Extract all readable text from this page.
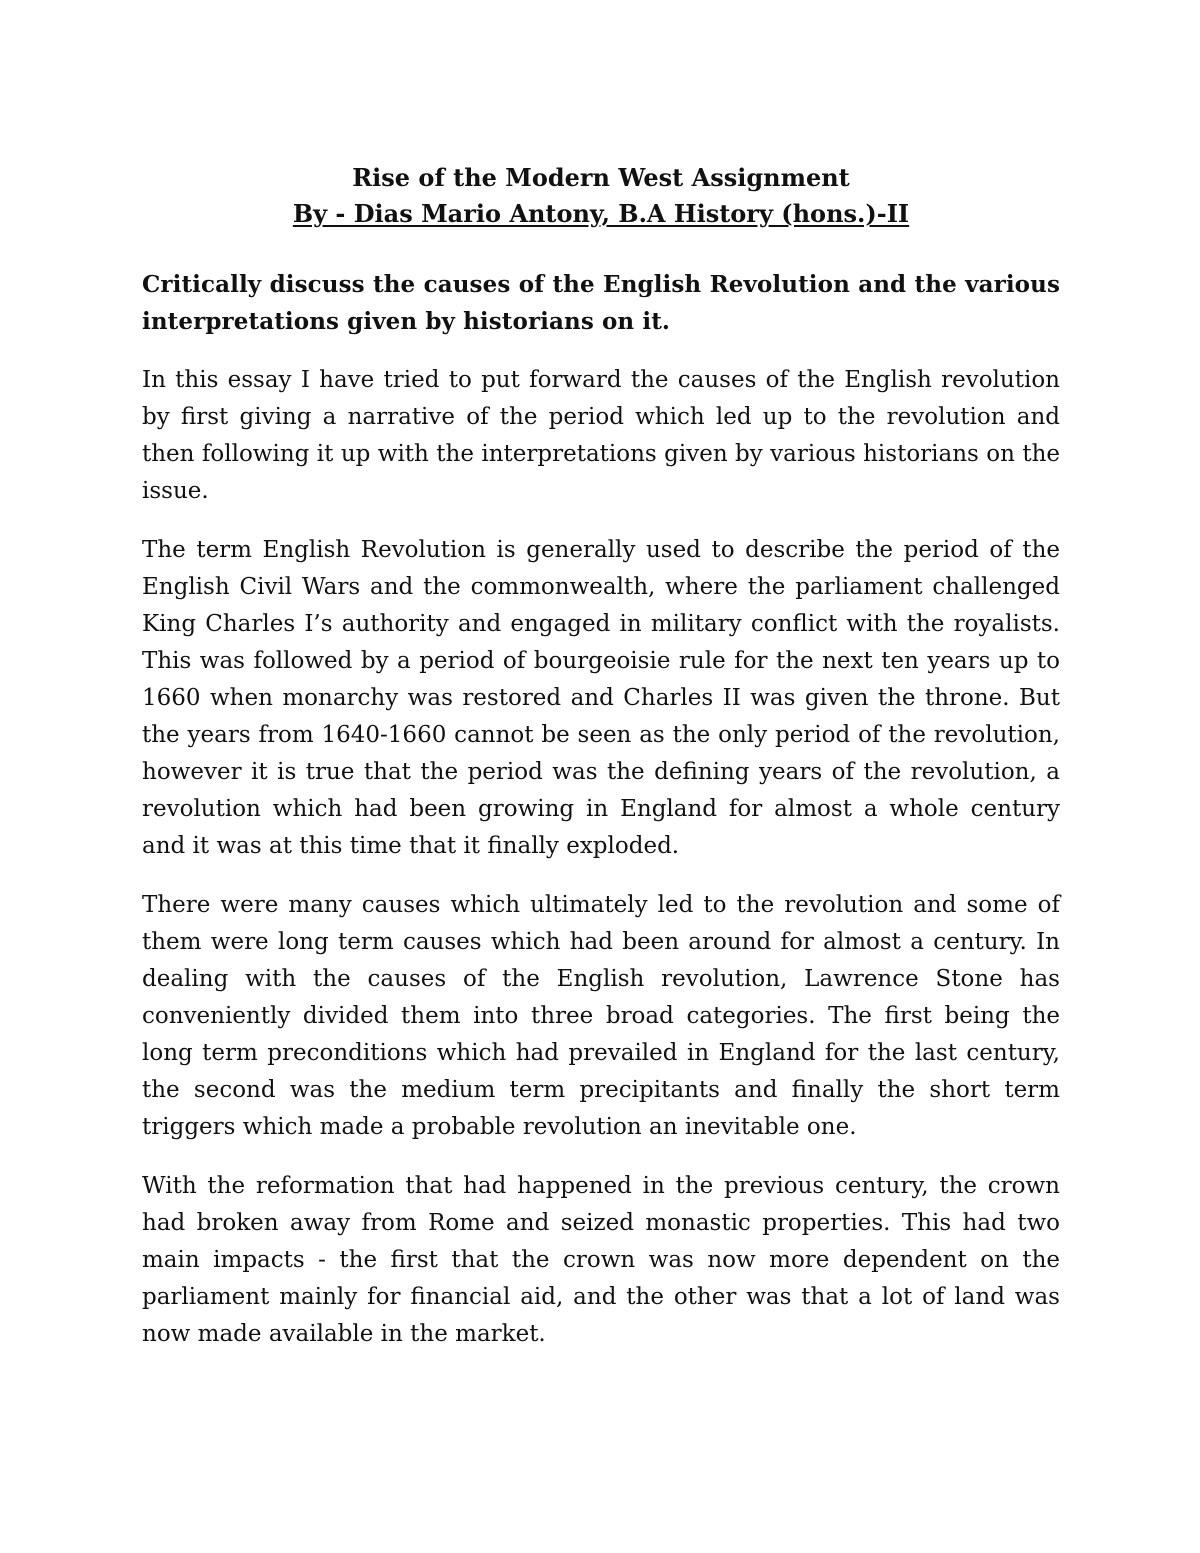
Rise of the Modern West Assignment

By - Dias Mario Antony, B.A History (hons.)-II

Critically discuss the causes of the English Revolution and the various interpretations given by historians on it.

In this essay I have tried to put forward the causes of the English revolution by first giving a narrative of the period which led up to the revolution and then following it up with the interpretations given by various historians on the issue.

The term English Revolution is generally used to describe the period of the English Civil Wars and the commonwealth, where the parliament challenged King Charles I’s authority and engaged in military conflict with the royalists. This was followed by a period of bourgeoisie rule for the next ten years up to 1660 when monarchy was restored and Charles II was given the throne. But the years from 1640-1660 cannot be seen as the only period of the revolution, however it is true that the period was the defining years of the revolution, a revolution which had been growing in England for almost a whole century and it was at this time that it finally exploded.

There were many causes which ultimately led to the revolution and some of them were long term causes which had been around for almost a century. In dealing with the causes of the English revolution, Lawrence Stone has conveniently divided them into three broad categories. The first being the long term preconditions which had prevailed in England for the last century, the second was the medium term precipitants and finally the short term triggers which made a probable revolution an inevitable one.

With the reformation that had happened in the previous century, the crown had broken away from Rome and seized monastic properties. This had two main impacts - the first that the crown was now more dependent on the parliament mainly for financial aid, and the other was that a lot of land was now made available in the market.
